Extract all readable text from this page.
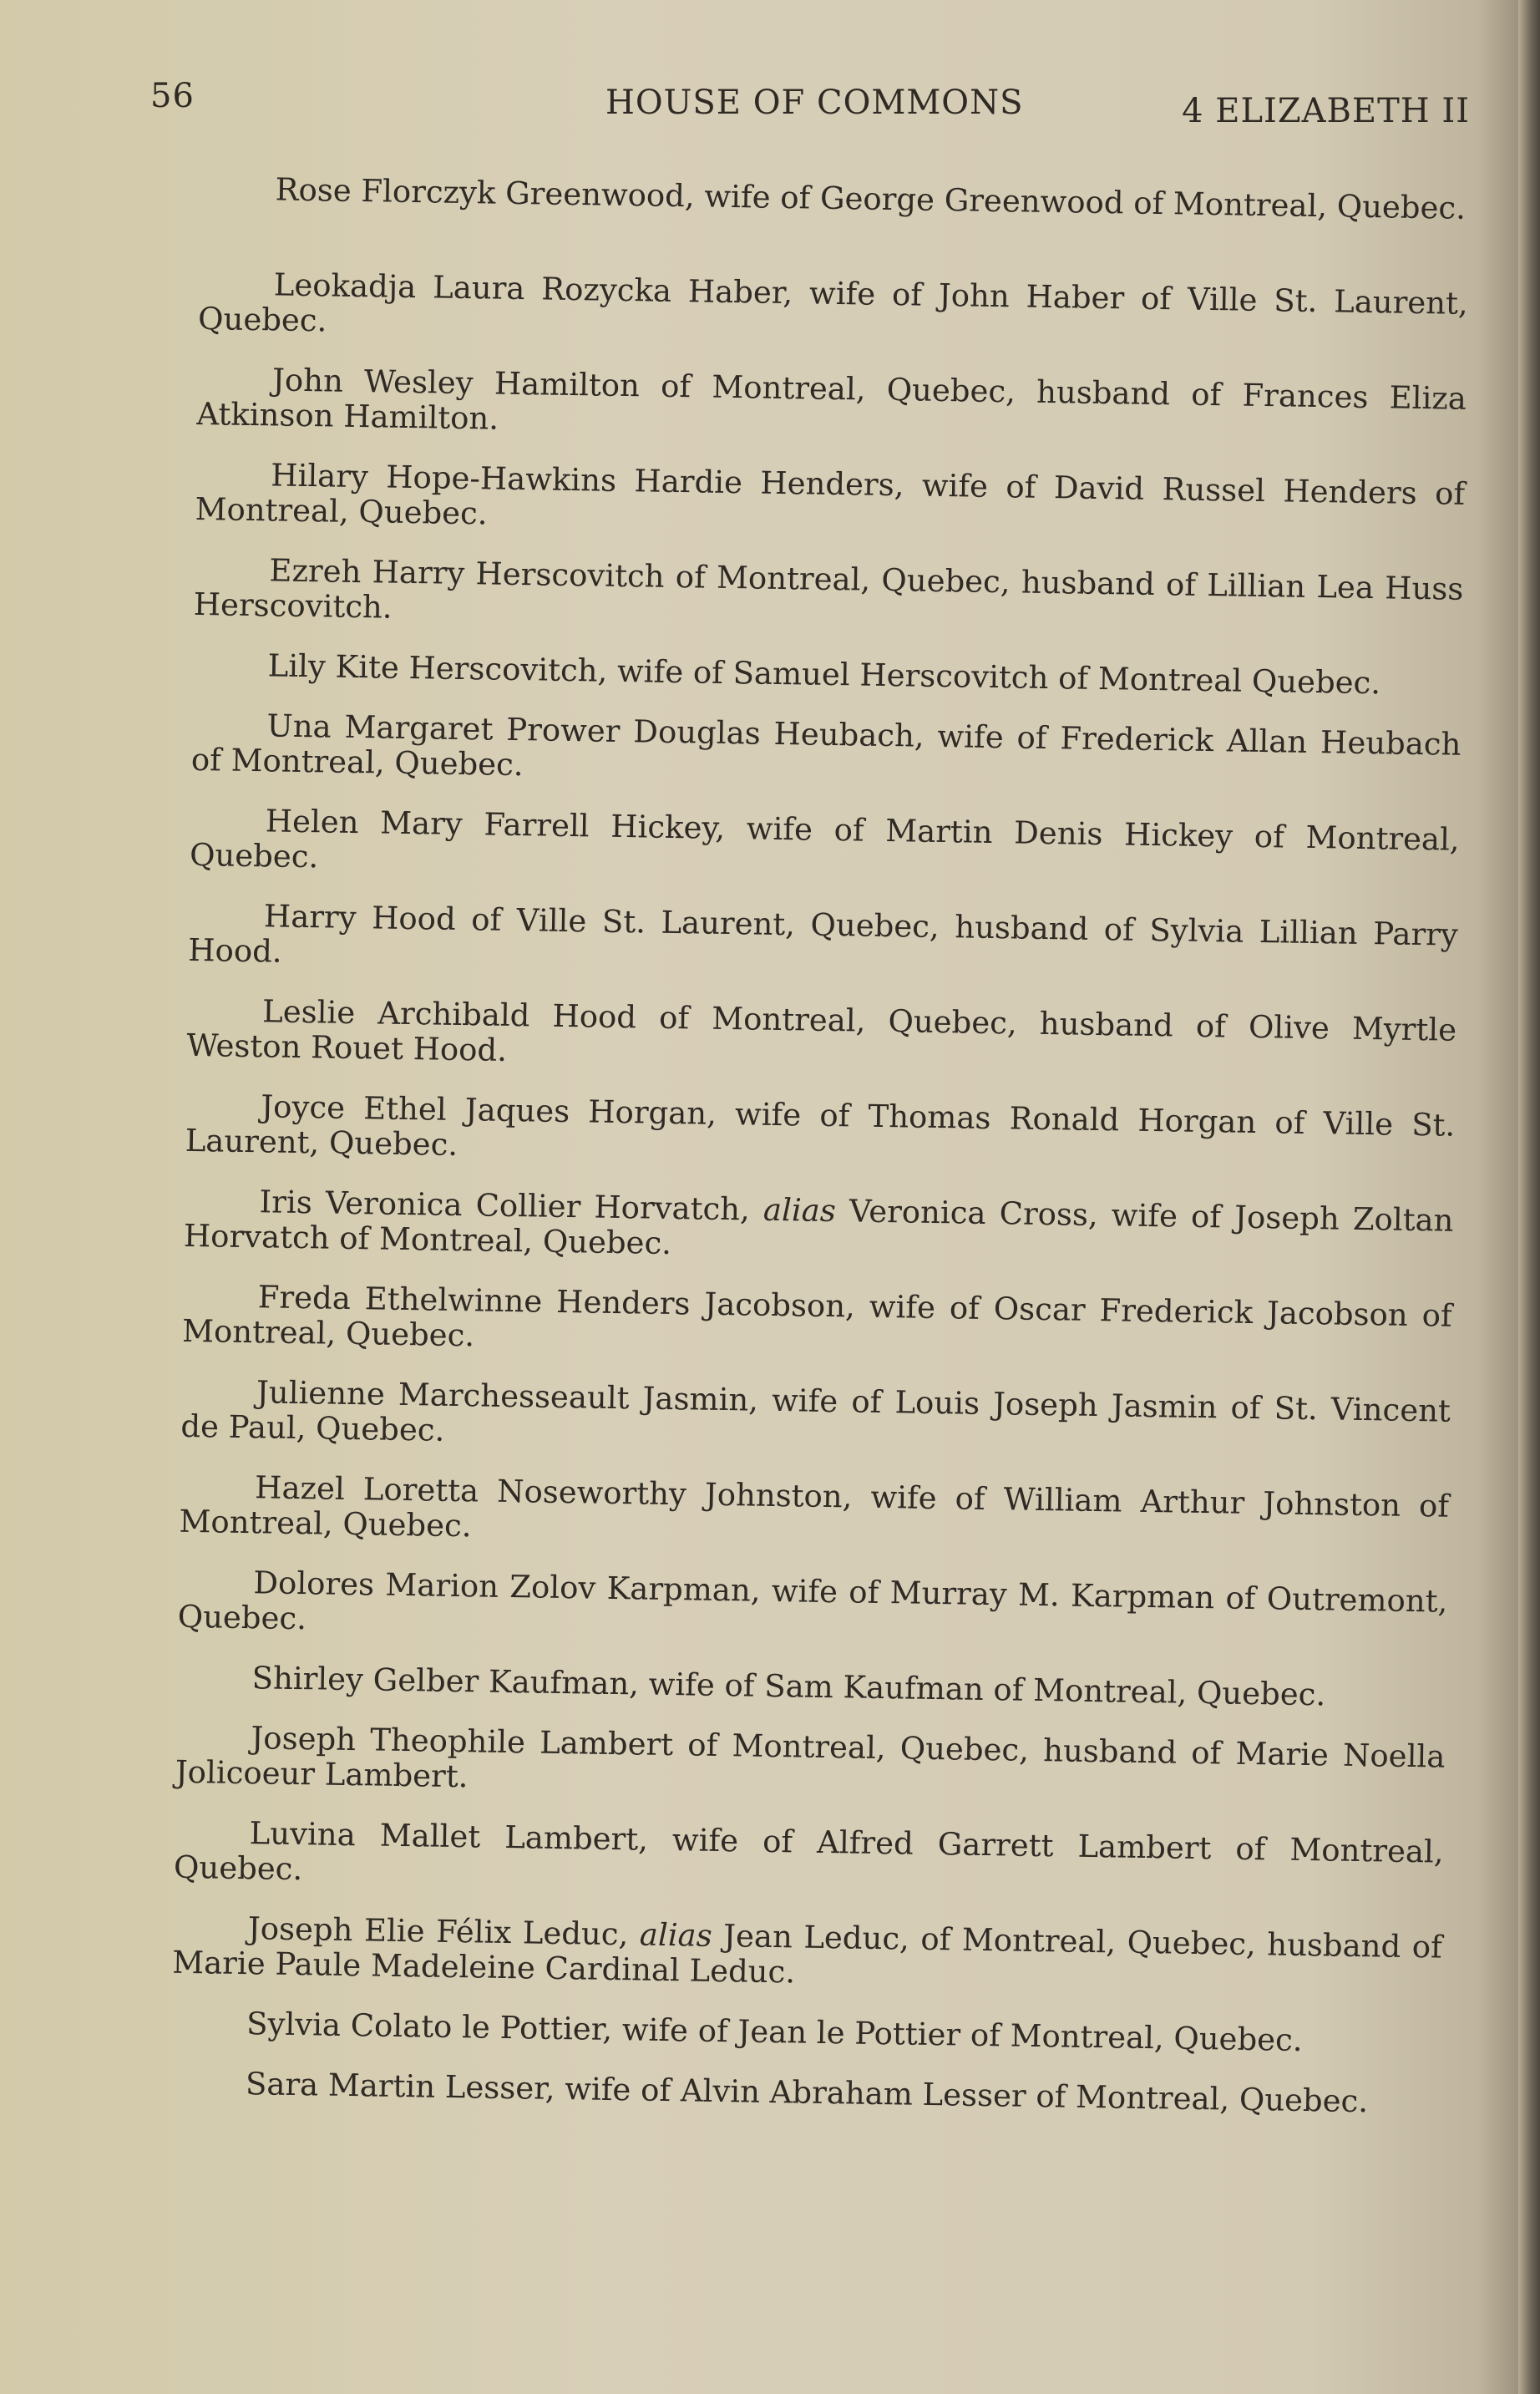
56	HOUSE OF COMMONS	4 ELIZABETH II

Rose Florczyk Greenwood, wife of George Greenwood of Montreal, Quebec.

Leokadja Laura Rozycka Haber, wife of John Haber of Ville St. Laurent, Quebec.

John Wesley Hamilton of Montreal, Quebec, husband of Frances Eliza Atkinson Hamilton.

Hilary Hope-Hawkins Hardie Henders, wife of David Russel Henders of Montreal, Quebec.

Ezreh Harry Herscovitch of Montreal, Quebec, husband of Lillian Lea Huss Herscovitch.

Lily Kite Herscovitch, wife of Samuel Herscovitch of Montreal Quebec.

Una Margaret Prower Douglas Heubach, wife of Frederick Allan Heubach of Montreal, Quebec.

Helen Mary Farrell Hickey, wife of Martin Denis Hickey of Montreal, Quebec.

Harry Hood of Ville St. Laurent, Quebec, husband of Sylvia Lillian Parry Hood.

Leslie Archibald Hood of Montreal, Quebec, husband of Olive Myrtle Weston Rouet Hood.

Joyce Ethel Jaques Horgan, wife of Thomas Ronald Horgan of Ville St. Laurent, Quebec.

Iris Veronica Collier Horvatch, alias Veronica Cross, wife of Joseph Zoltan Horvatch of Montreal, Quebec.

Freda Ethelwinne Henders Jacobson, wife of Oscar Frederick Jacobson of Montreal, Quebec.

Julienne Marchesseault Jasmin, wife of Louis Joseph Jasmin of St. Vincent de Paul, Quebec.

Hazel Loretta Noseworthy Johnston, wife of William Arthur Johnston of Montreal, Quebec.

Dolores Marion Zolov Karpman, wife of Murray M. Karpman of Outremont, Quebec.

Shirley Gelber Kaufman, wife of Sam Kaufman of Montreal, Quebec.

Joseph Theophile Lambert of Montreal, Quebec, husband of Marie Noella Jolicoeur Lambert.

Luvina Mallet Lambert, wife of Alfred Garrett Lambert of Montreal, Quebec.

Joseph Elie Félix Leduc, alias Jean Leduc, of Montreal, Quebec, husband of Marie Paule Madeleine Cardinal Leduc.

Sylvia Colato le Pottier, wife of Jean le Pottier of Montreal, Quebec.

Sara Martin Lesser, wife of Alvin Abraham Lesser of Montreal, Quebec.
